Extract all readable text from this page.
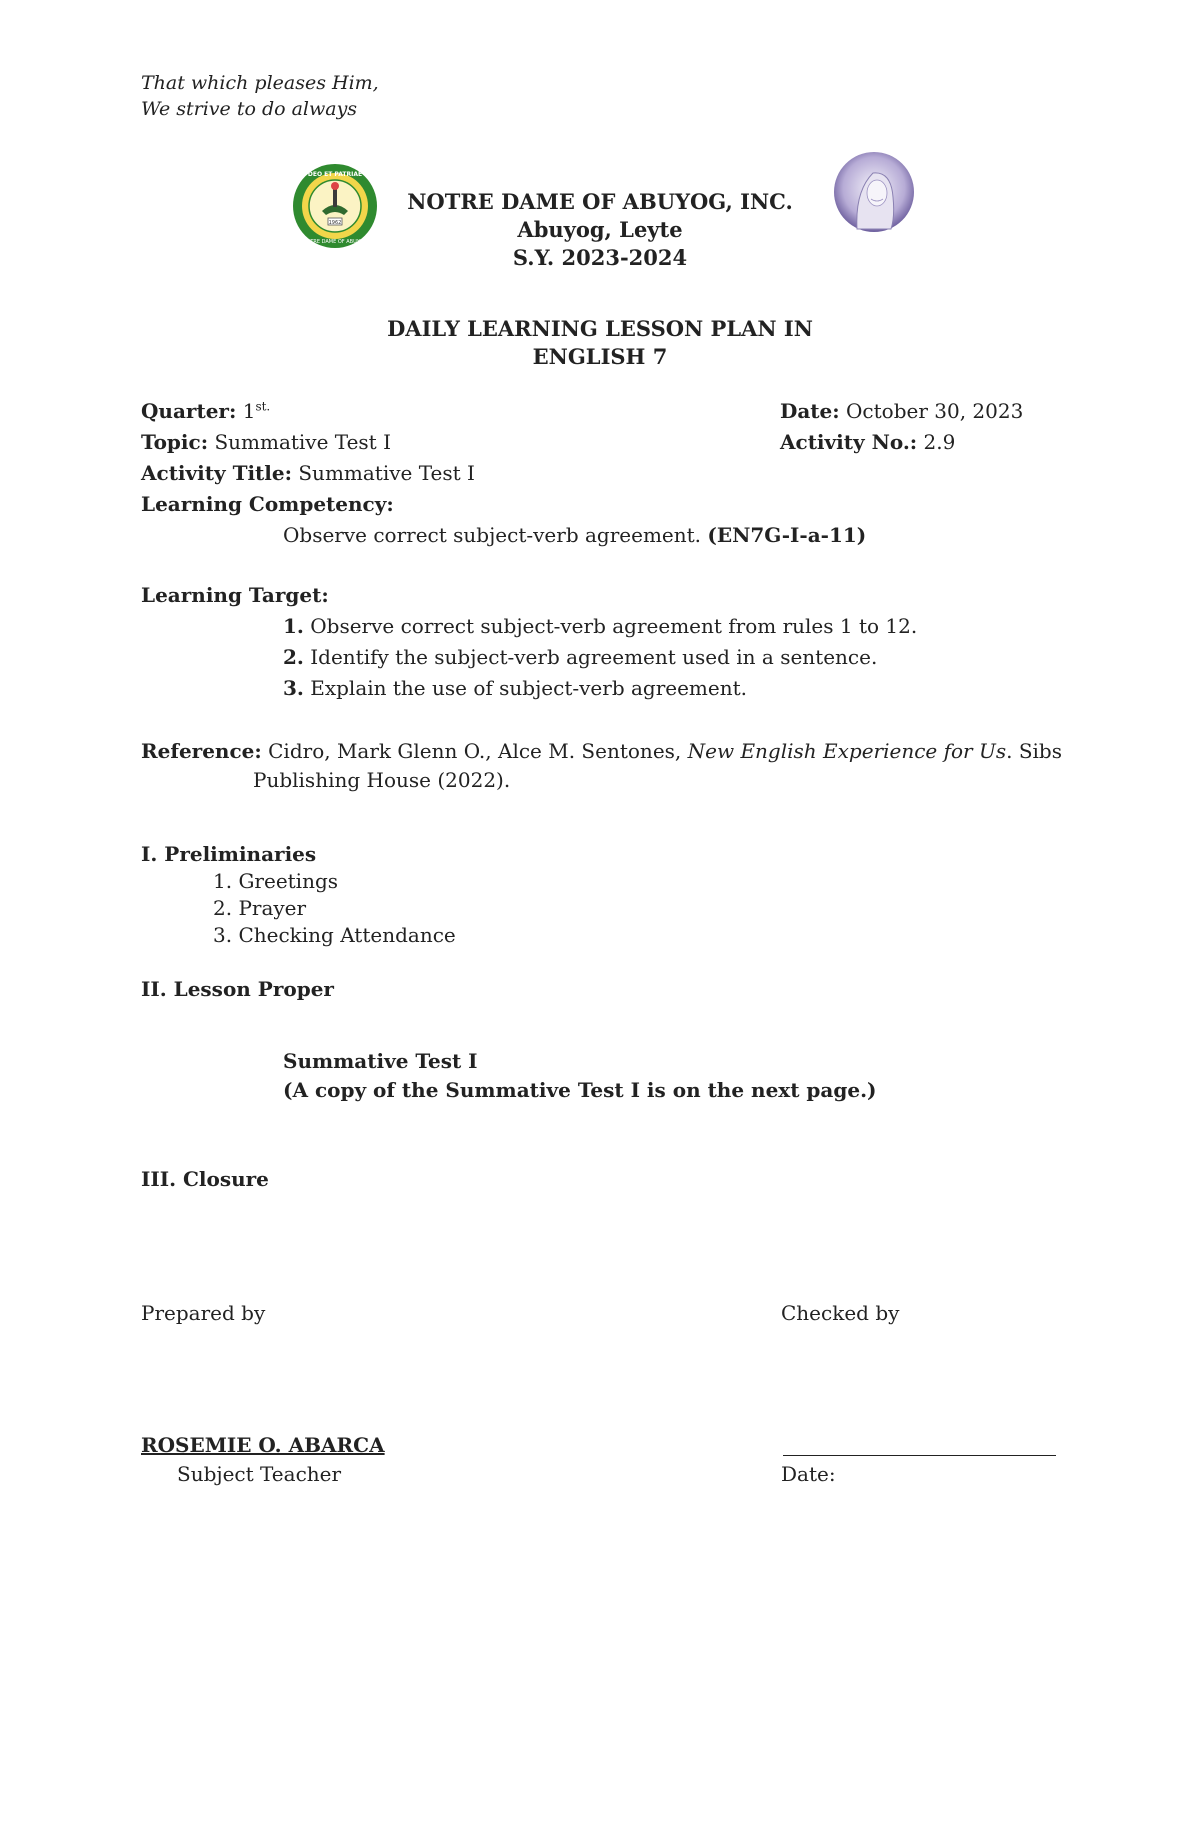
That which pleases Him,
We strive to do always
1962
DEO ET PATRIAE
NOTRE DAME OF ABUYOG
NOTRE DAME OF ABUYOG, INC.
Abuyog, Leyte
S.Y. 2023-2024
DAILY LEARNING LESSON PLAN IN
ENGLISH 7
Quarter: $1^{st.}$	Date: October 30, 2023
Topic: Summative Test I	Activity No.: 2.9
Activity Title: Summative Test I
Learning Competency:
Observe correct subject-verb agreement. (EN7G-I-a-11)
Learning Target:
1. Observe correct subject-verb agreement from rules 1 to 12.
2. Identify the subject-verb agreement used in a sentence.
3. Explain the use of subject-verb agreement.
Reference: Cidro, Mark Glenn O., Alce M. Sentones, New English Experience for Us. Sibs
Publishing House (2022).
I. Preliminaries
1. Greetings
2. Prayer
3. Checking Attendance
II. Lesson Proper
Summative Test I
(A copy of the Summative Test I is on the next page.)
III. Closure
Prepared by	Checked by
ROSEMIE O. ABARCA
Subject Teacher	Date:
